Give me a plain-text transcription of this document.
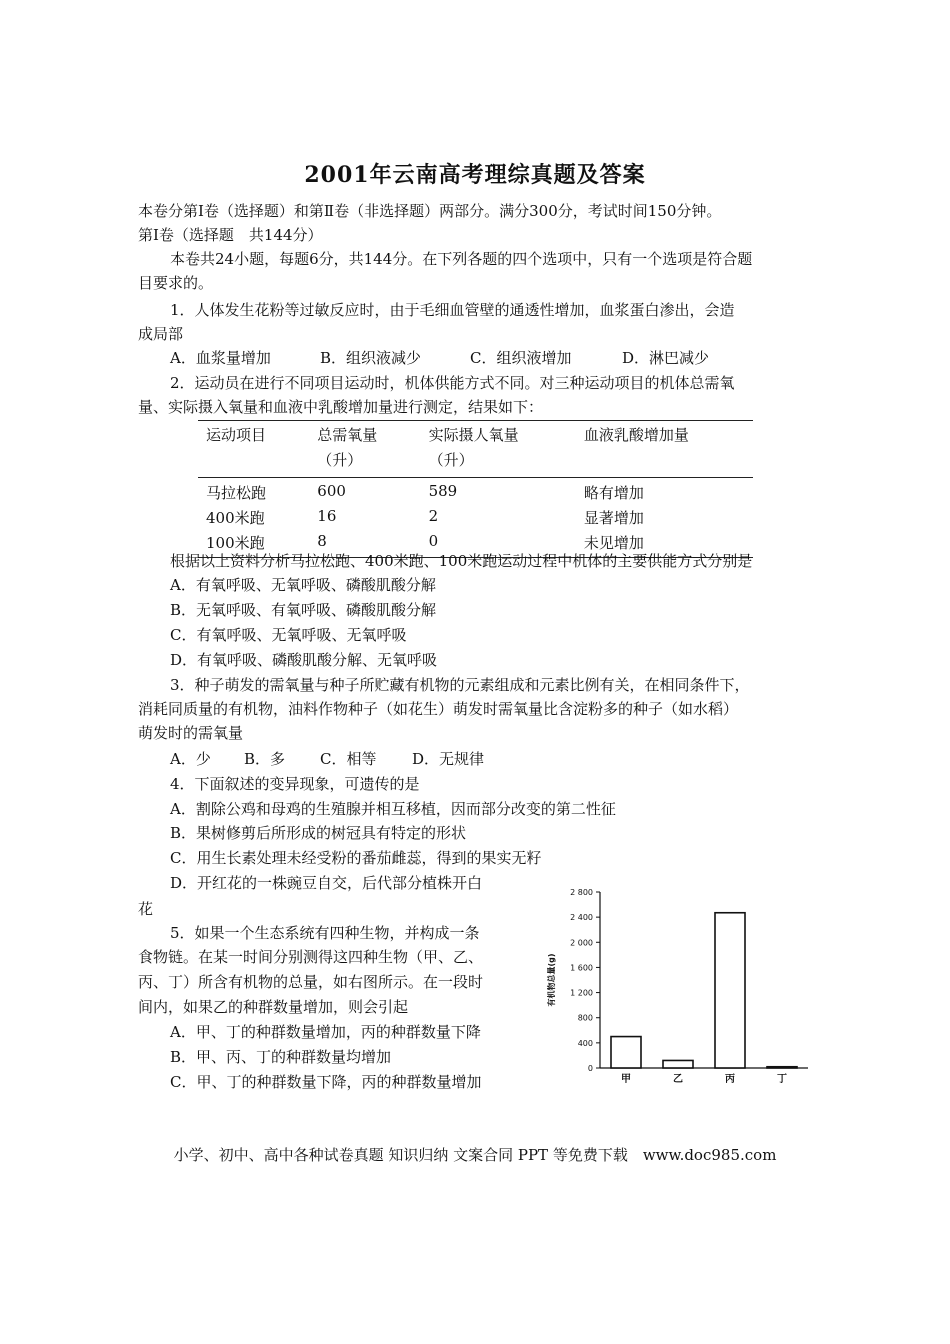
2001年云南高考理综真题及答案
本卷分第Ⅰ卷（选择题）和第Ⅱ卷（非选择题）两部分。满分300分，考试时间150分钟。
第Ⅰ卷（选择题　共144分）
本卷共24小题，每题6分，共144分。在下列各题的四个选项中，只有一个选项是符合题
目要求的。
1．人体发生花粉等过敏反应时，由于毛细血管壁的通透性增加，血浆蛋白渗出，会造
成局部
A．血浆量增加	B．组织液减少	C．组织液增加	D．淋巴减少
2．运动员在进行不同项目运动时，机体供能方式不同。对三种运动项目的机体总需氧
量、实际摄入氧量和血液中乳酸增加量进行测定，结果如下：
运动项目	总需氧量	实际摄人氧量	血液乳酸增加量
	（升）	（升）	
马拉松跑	600	589	略有增加
400米跑	16	2	显著增加
100米跑	8	0	未见增加
根据以上资料分析马拉松跑、400米跑、100米跑运动过程中机体的主要供能方式分别是
A．有氧呼吸、无氧呼吸、磷酸肌酸分解
B．无氧呼吸、有氧呼吸、磷酸肌酸分解
C．有氧呼吸、无氧呼吸、无氧呼吸
D．有氧呼吸、磷酸肌酸分解、无氧呼吸
3．种子萌发的需氧量与种子所贮藏有机物的元素组成和元素比例有关，在相同条件下，
消耗同质量的有机物，油料作物种子（如花生）萌发时需氧量比含淀粉多的种子（如水稻）
萌发时的需氧量
A．少 B．多 C．相等 D．无规律
4．下面叙述的变异现象，可遗传的是
A．割除公鸡和母鸡的生殖腺并相互移植，因而部分改变的第二性征
B．果树修剪后所形成的树冠具有特定的形状
C．用生长素处理未经受粉的番茄雌蕊，得到的果实无籽
D．开红花的一株豌豆自交，后代部分植株开白
花
5．如果一个生态系统有四种生物，并构成一条
食物链。在某一时间分别测得这四种生物（甲、乙、
丙、丁）所含有机物的总量，如右图所示。在一段时
间内，如果乙的种群数量增加，则会引起
A．甲、丁的种群数量增加，丙的种群数量下降
B．甲、丙、丁的种群数量均增加
C．甲、丁的种群数量下降，丙的种群数量增加
0
400
800
1 200
1 600
2 000
2 400
2 800
有机物总量(g)
甲	乙	丙	丁
小学、初中、高中各种试卷真题 知识归纳 文案合同 PPT 等免费下载　www.doc985.com
